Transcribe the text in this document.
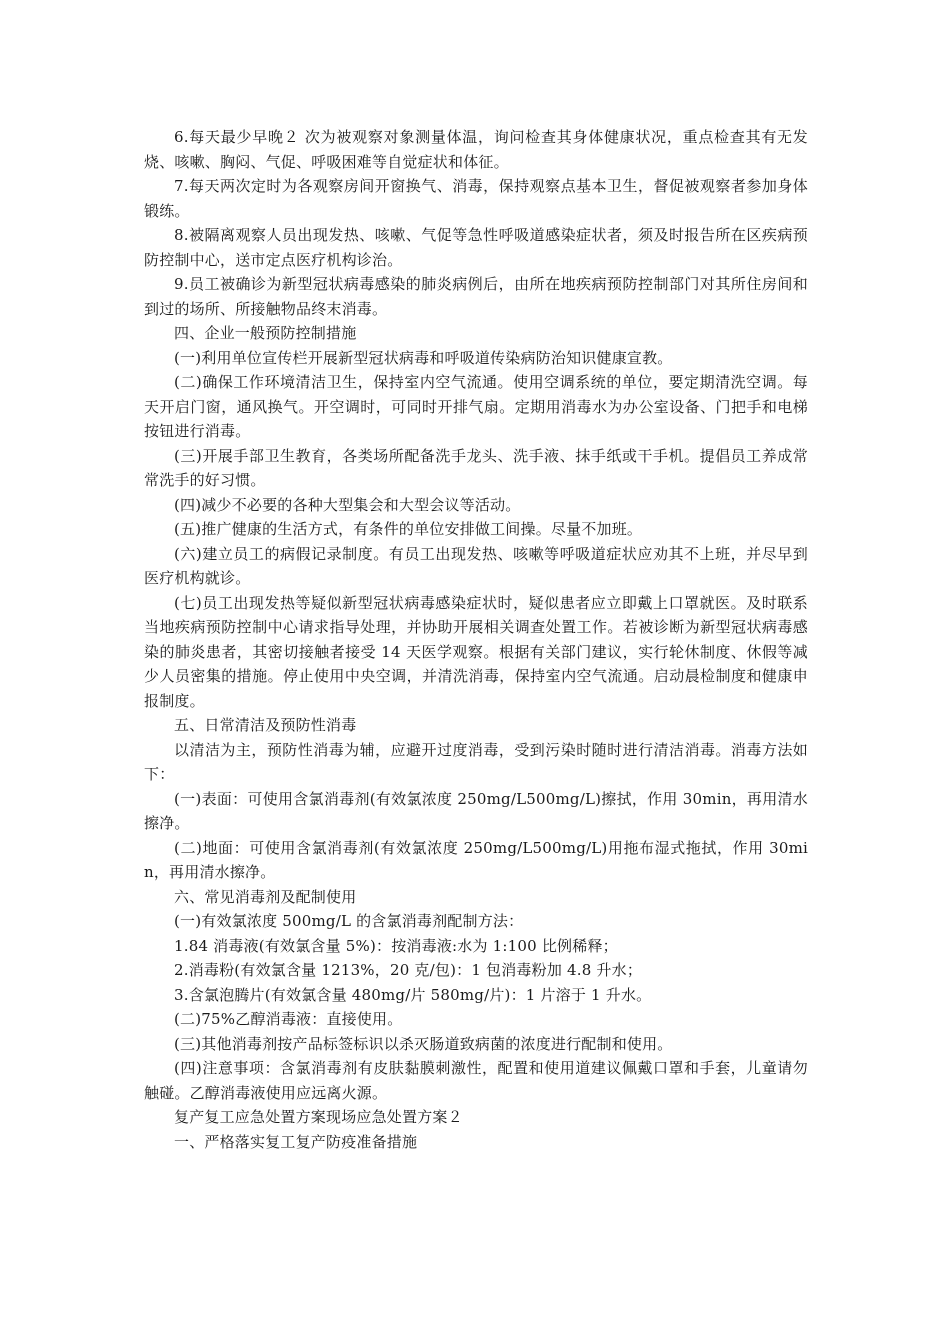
6.每天最少早晚２ 次为被观察对象测量体温，询问检查其身体健康状况，重点检查其有无发烧、咳嗽、胸闷、气促、呼吸困难等自觉症状和体征。

7.每天两次定时为各观察房间开窗换气、消毒，保持观察点基本卫生，督促被观察者参加身体锻练。

8.被隔离观察人员出现发热、咳嗽、气促等急性呼吸道感染症状者，须及时报告所在区疾病预防控制中心，送市定点医疗机构诊治。

9.员工被确诊为新型冠状病毒感染的肺炎病例后，由所在地疾病预防控制部门对其所住房间和到过的场所、所接触物品终末消毒。

四、企业一般预防控制措施

(一)利用单位宣传栏开展新型冠状病毒和呼吸道传染病防治知识健康宣教。

(二)确保工作环境清洁卫生，保持室内空气流通。使用空调系统的单位，要定期清洗空调。每天开启门窗，通风换气。开空调时，可同时开排气扇。定期用消毒水为办公室设备、门把手和电梯按钮进行消毒。

(三)开展手部卫生教育，各类场所配备洗手龙头、洗手液、抹手纸或干手机。提倡员工养成常常洗手的好习惯。

(四)减少不必要的各种大型集会和大型会议等活动。

(五)推广健康的生活方式，有条件的单位安排做工间操。尽量不加班。

(六)建立员工的病假记录制度。有员工出现发热、咳嗽等呼吸道症状应劝其不上班，并尽早到医疗机构就诊。

(七)员工出现发热等疑似新型冠状病毒感染症状时，疑似患者应立即戴上口罩就医。及时联系当地疾病预防控制中心请求指导处理，并协助开展相关调查处置工作。若被诊断为新型冠状病毒感染的肺炎患者，其密切接触者接受 14 天医学观察。根据有关部门建议，实行轮休制度、休假等减少人员密集的措施。停止使用中央空调，并清洗消毒，保持室内空气流通。启动晨检制度和健康申报制度。

五、日常清洁及预防性消毒

以清洁为主，预防性消毒为辅，应避开过度消毒，受到污染时随时进行清洁消毒。消毒方法如下：

(一)表面：可使用含氯消毒剂(有效氯浓度 250mg/L500mg/L)擦拭，作用 30min，再用清水擦净。

(二)地面：可使用含氯消毒剂(有效氯浓度 250mg/L500mg/L)用拖布湿式拖拭，作用 30min，再用清水擦净。

六、常见消毒剂及配制使用

(一)有效氯浓度 500mg/L 的含氯消毒剂配制方法：

1.84 消毒液(有效氯含量 5%)：按消毒液:水为 1:100 比例稀释；

2.消毒粉(有效氯含量 1213%，20 克/包)：1 包消毒粉加 4.8 升水；

3.含氯泡腾片(有效氯含量 480mg/片 580mg/片)：1 片溶于 1 升水。

(二)75%乙醇消毒液：直接使用。

(三)其他消毒剂按产品标签标识以杀灭肠道致病菌的浓度进行配制和使用。

(四)注意事项：含氯消毒剂有皮肤黏膜刺激性，配置和使用道建议佩戴口罩和手套，儿童请勿触碰。乙醇消毒液使用应远离火源。

复产复工应急处置方案现场应急处置方案２

一、严格落实复工复产防疫准备措施
